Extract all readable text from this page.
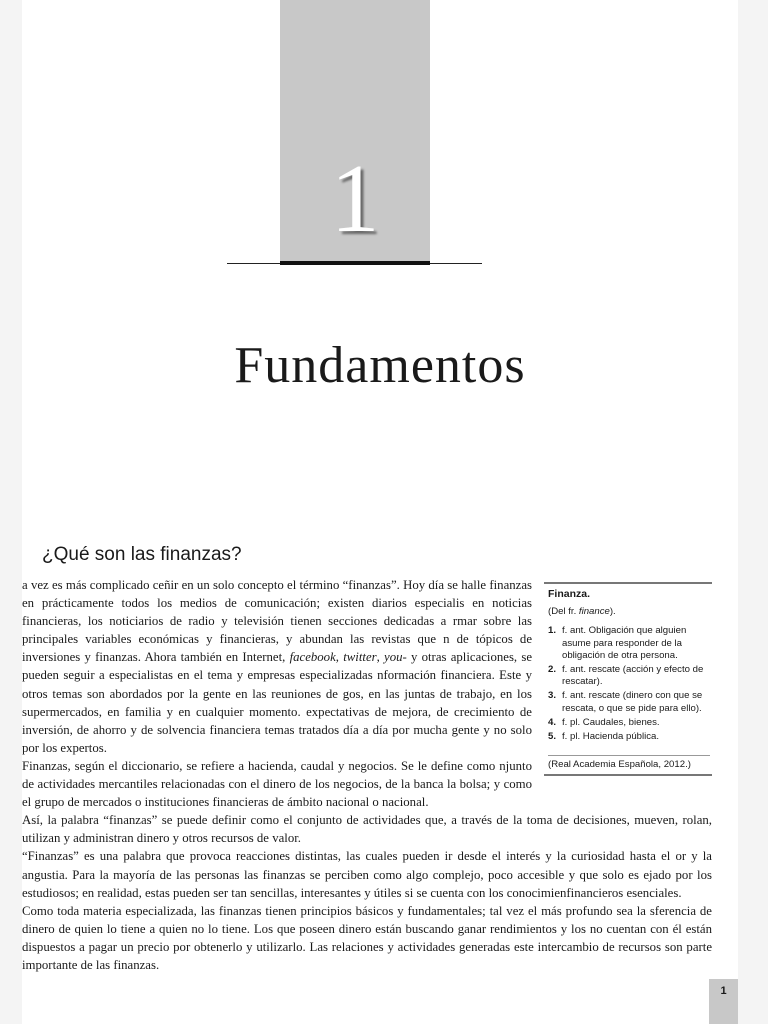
1
Fundamentos
¿Qué son las finanzas?
Finanza.
(Del fr. finance).
1. f. ant. Obligación que alguien asume para responder de la obligación de otra persona.
2. f. ant. rescate (acción y efecto de rescatar).
3. f. ant. rescate (dinero con que se rescata, o que se pide para ello).
4. f. pl. Caudales, bienes.
5. f. pl. Hacienda pública.
(Real Academia Española, 2012.)

a vez es más complicado ceñir en un solo concepto el término “finanzas”. Hoy día se halle finanzas en prácticamente todos los medios de comunicación; existen diarios especialis en noticias financieras, los noticiarios de radio y televisión tienen secciones dedicadas a rmar sobre las principales variables económicas y financieras, y abundan las revistas que n de tópicos de inversiones y finanzas. Ahora también en Internet, facebook, twitter, you- y otras aplicaciones, se pueden seguir a especialistas en el tema y empresas especializadas nformación financiera. Este y otros temas son abordados por la gente en las reuniones de gos, en las juntas de trabajo, en los supermercados, en familia y en cualquier momento. expectativas de mejora, de crecimiento de inversión, de ahorro y de solvencia financiera temas tratados día a día por mucha gente y no solo por los expertos.

Finanzas, según el diccionario, se refiere a hacienda, caudal y negocios. Se le define como njunto de actividades mercantiles relacionadas con el dinero de los negocios, de la banca la bolsa; y como el grupo de mercados o instituciones financieras de ámbito nacional o nacional.

Así, la palabra “finanzas” se puede definir como el conjunto de actividades que, a través de la toma de decisiones, mueven, rolan, utilizan y administran dinero y otros recursos de valor.

“Finanzas” es una palabra que provoca reacciones distintas, las cuales pueden ir desde el interés y la curiosidad hasta el or y la angustia. Para la mayoría de las personas las finanzas se perciben como algo complejo, poco accesible y que solo es ejado por los estudiosos; en realidad, estas pueden ser tan sencillas, interesantes y útiles si se cuenta con los conocimienfinancieros esenciales.

Como toda materia especializada, las finanzas tienen principios básicos y fundamentales; tal vez el más profundo sea la sferencia de dinero de quien lo tiene a quien no lo tiene. Los que poseen dinero están buscando ganar rendimientos y los no cuentan con él están dispuestos a pagar un precio por obtenerlo y utilizarlo. Las relaciones y actividades generadas este intercambio de recursos son parte importante de las finanzas.

1
